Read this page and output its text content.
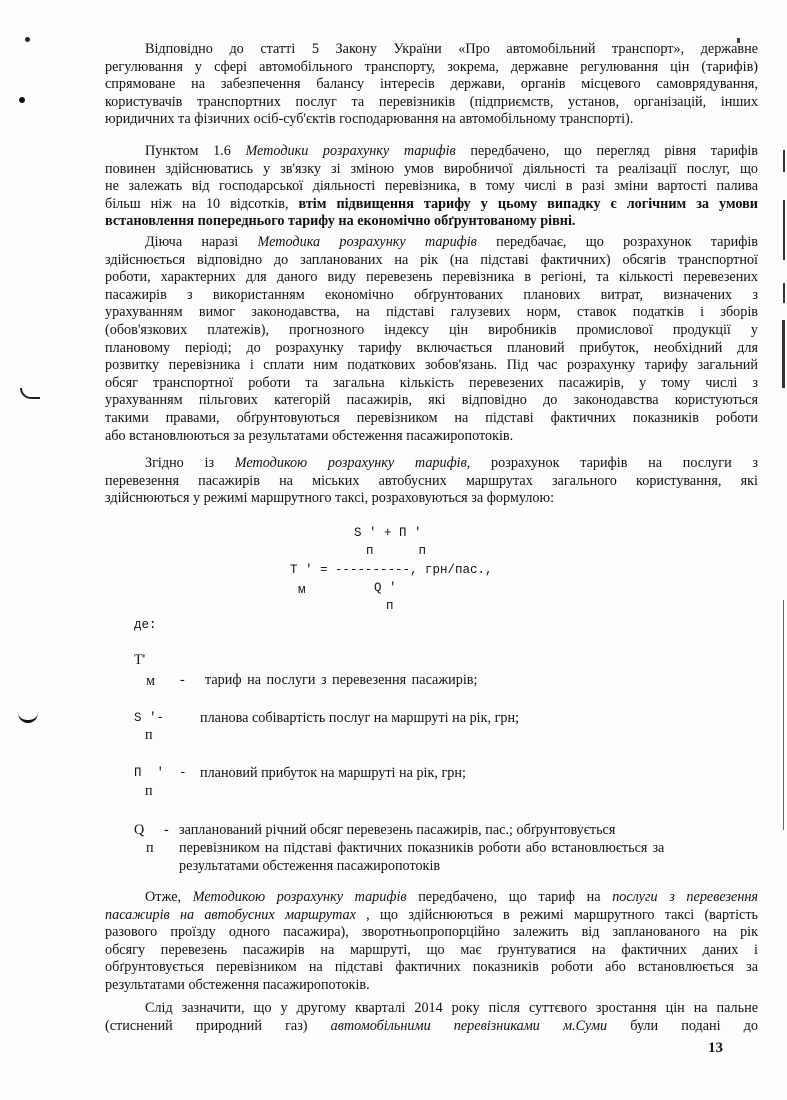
Відповідно до статті 5 Закону України «Про автомобільний транспорт», державне
регулювання у сфері автомобільного транспорту, зокрема, державне регулювання цін (тарифів)
спрямоване на забезпечення балансу інтересів держави, органів місцевого самоврядування,
користувачів транспортних послуг та перевізників (підприємств, установ, організацій, інших
юридичних та фізичних осіб-суб'єктів господарювання на автомобільному транспорті).
Пунктом 1.6 Методики розрахунку тарифів передбачено, що перегляд рівня тарифів
повинен здійснюватись у зв'язку зі зміною умов виробничої діяльності та реалізації послуг, що
не залежать від господарської діяльності перевізника, в тому числі в разі зміни вартості палива
більш ніж на 10 відсотків, втім підвищення тарифу у цьому випадку є логічним за умови
встановлення попереднього тарифу на економічно обґрунтованому рівні.
Діюча наразі Методика розрахунку тарифів передбачає, що розрахунок тарифів
здійснюється відповідно до запланованих на рік (на підставі фактичних) обсягів транспортної
роботи, характерних для даного виду перевезень перевізника в регіоні, та кількості перевезених
пасажирів з використанням економічно обґрунтованих планових витрат, визначених з
урахуванням вимог законодавства, на підставі галузевих норм, ставок податків і зборів
(обов'язкових платежів), прогнозного індексу цін виробників промислової продукції у
плановому періоді; до розрахунку тарифу включається плановий прибуток, необхідний для
розвитку перевізника і сплати ним податкових зобов'язань. Під час розрахунку тарифу загальний
обсяг транспортної роботи та загальна кількість перевезених пасажирів, у тому числі з
урахуванням пільгових категорій пасажирів, які відповідно до законодавства користуються
такими правами, обґрунтовуються перевізником на підставі фактичних показників роботи
або встановлюються за результатами обстеження пасажиропотоків.
Згідно із Методикою розрахунку тарифів, розрахунок тарифів на послуги з
перевезення пасажирів на міських автобусних маршрутах загального користування, які
здійснюються у режимі маршрутного таксі, розраховуються за формулою:
S ' + П '
п      п
T ' = ----------, грн/пас.,
м	Q '
п
де:
T'
м - тариф на послуги з перевезення пасажирів;
S '-
п
планова собівартість послуг на маршруті на рік, грн;
П  '  -
п
плановий прибуток на маршруті на рік, грн;
Q - запланований річний обсяг перевезень пасажирів, пас.; обґрунтовується
п перевізником на підставі фактичних показників роботи або встановлюється за
результатами обстеження пасажиропотоків
Отже, Методикою розрахунку тарифів передбачено, що тариф на послуги з перевезення
пасажирів на автобусних маршрутах , що здійснюються в режимі маршрутного таксі (вартість
разового проїзду одного пасажира), зворотньопропорційно залежить від запланованого на рік
обсягу перевезень пасажирів на маршруті, що має ґрунтуватися на фактичних даних і
обґрунтовується перевізником на підставі фактичних показників роботи або встановлюється за
результатами обстеження пасажиропотоків.
Слід зазначити, що у другому кварталі 2014 року після суттєвого зростання цін на пальне
(стиснений природний газ) автомобільними перевізниками м.Суми були подані до
13
